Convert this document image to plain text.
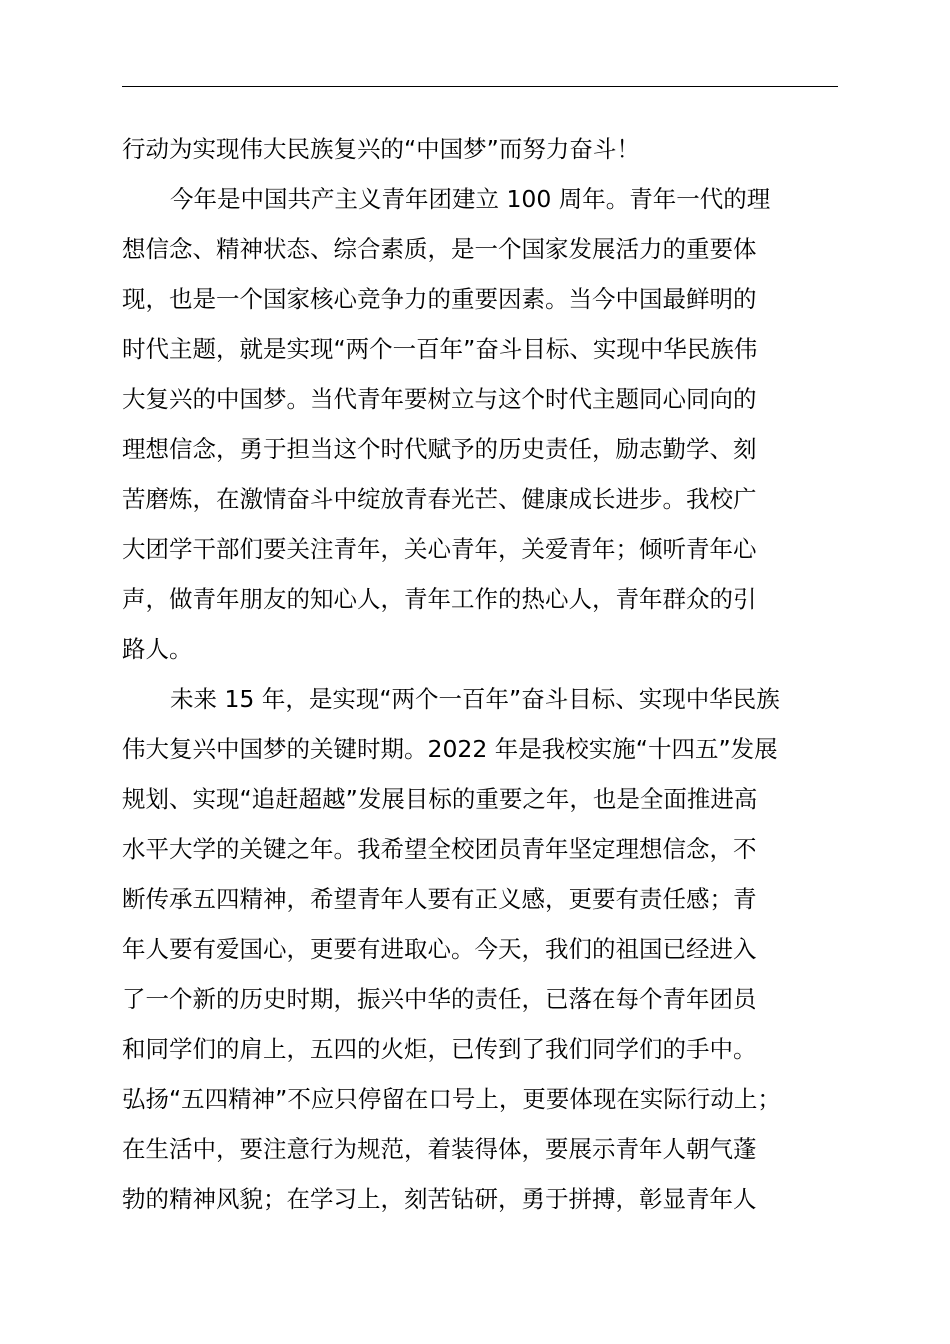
行动为实现伟大民族复兴的“中国梦”而努力奋斗！
今年是中国共产主义青年团建立 100 周年。青年一代的理
想信念、精神状态、综合素质，是一个国家发展活力的重要体
现，也是一个国家核心竞争力的重要因素。当今中国最鲜明的
时代主题，就是实现“两个一百年”奋斗目标、实现中华民族伟
大复兴的中国梦。当代青年要树立与这个时代主题同心同向的
理想信念，勇于担当这个时代赋予的历史责任，励志勤学、刻
苦磨炼，在激情奋斗中绽放青春光芒、健康成长进步。我校广
大团学干部们要关注青年，关心青年，关爱青年；倾听青年心
声，做青年朋友的知心人，青年工作的热心人，青年群众的引
路人。
未来 15 年，是实现“两个一百年”奋斗目标、实现中华民族
伟大复兴中国梦的关键时期。2022 年是我校实施“十四五”发展
规划、实现“追赶超越”发展目标的重要之年，也是全面推进高
水平大学的关键之年。我希望全校团员青年坚定理想信念，不
断传承五四精神，希望青年人要有正义感，更要有责任感；青
年人要有爱国心，更要有进取心。今天，我们的祖国已经进入
了一个新的历史时期，振兴中华的责任，已落在每个青年团员
和同学们的肩上，五四的火炬，已传到了我们同学们的手中。
弘扬“五四精神”不应只停留在口号上，更要体现在实际行动上；
在生活中，要注意行为规范，着装得体，要展示青年人朝气蓬
勃的精神风貌；在学习上，刻苦钻研，勇于拼搏，彰显青年人
